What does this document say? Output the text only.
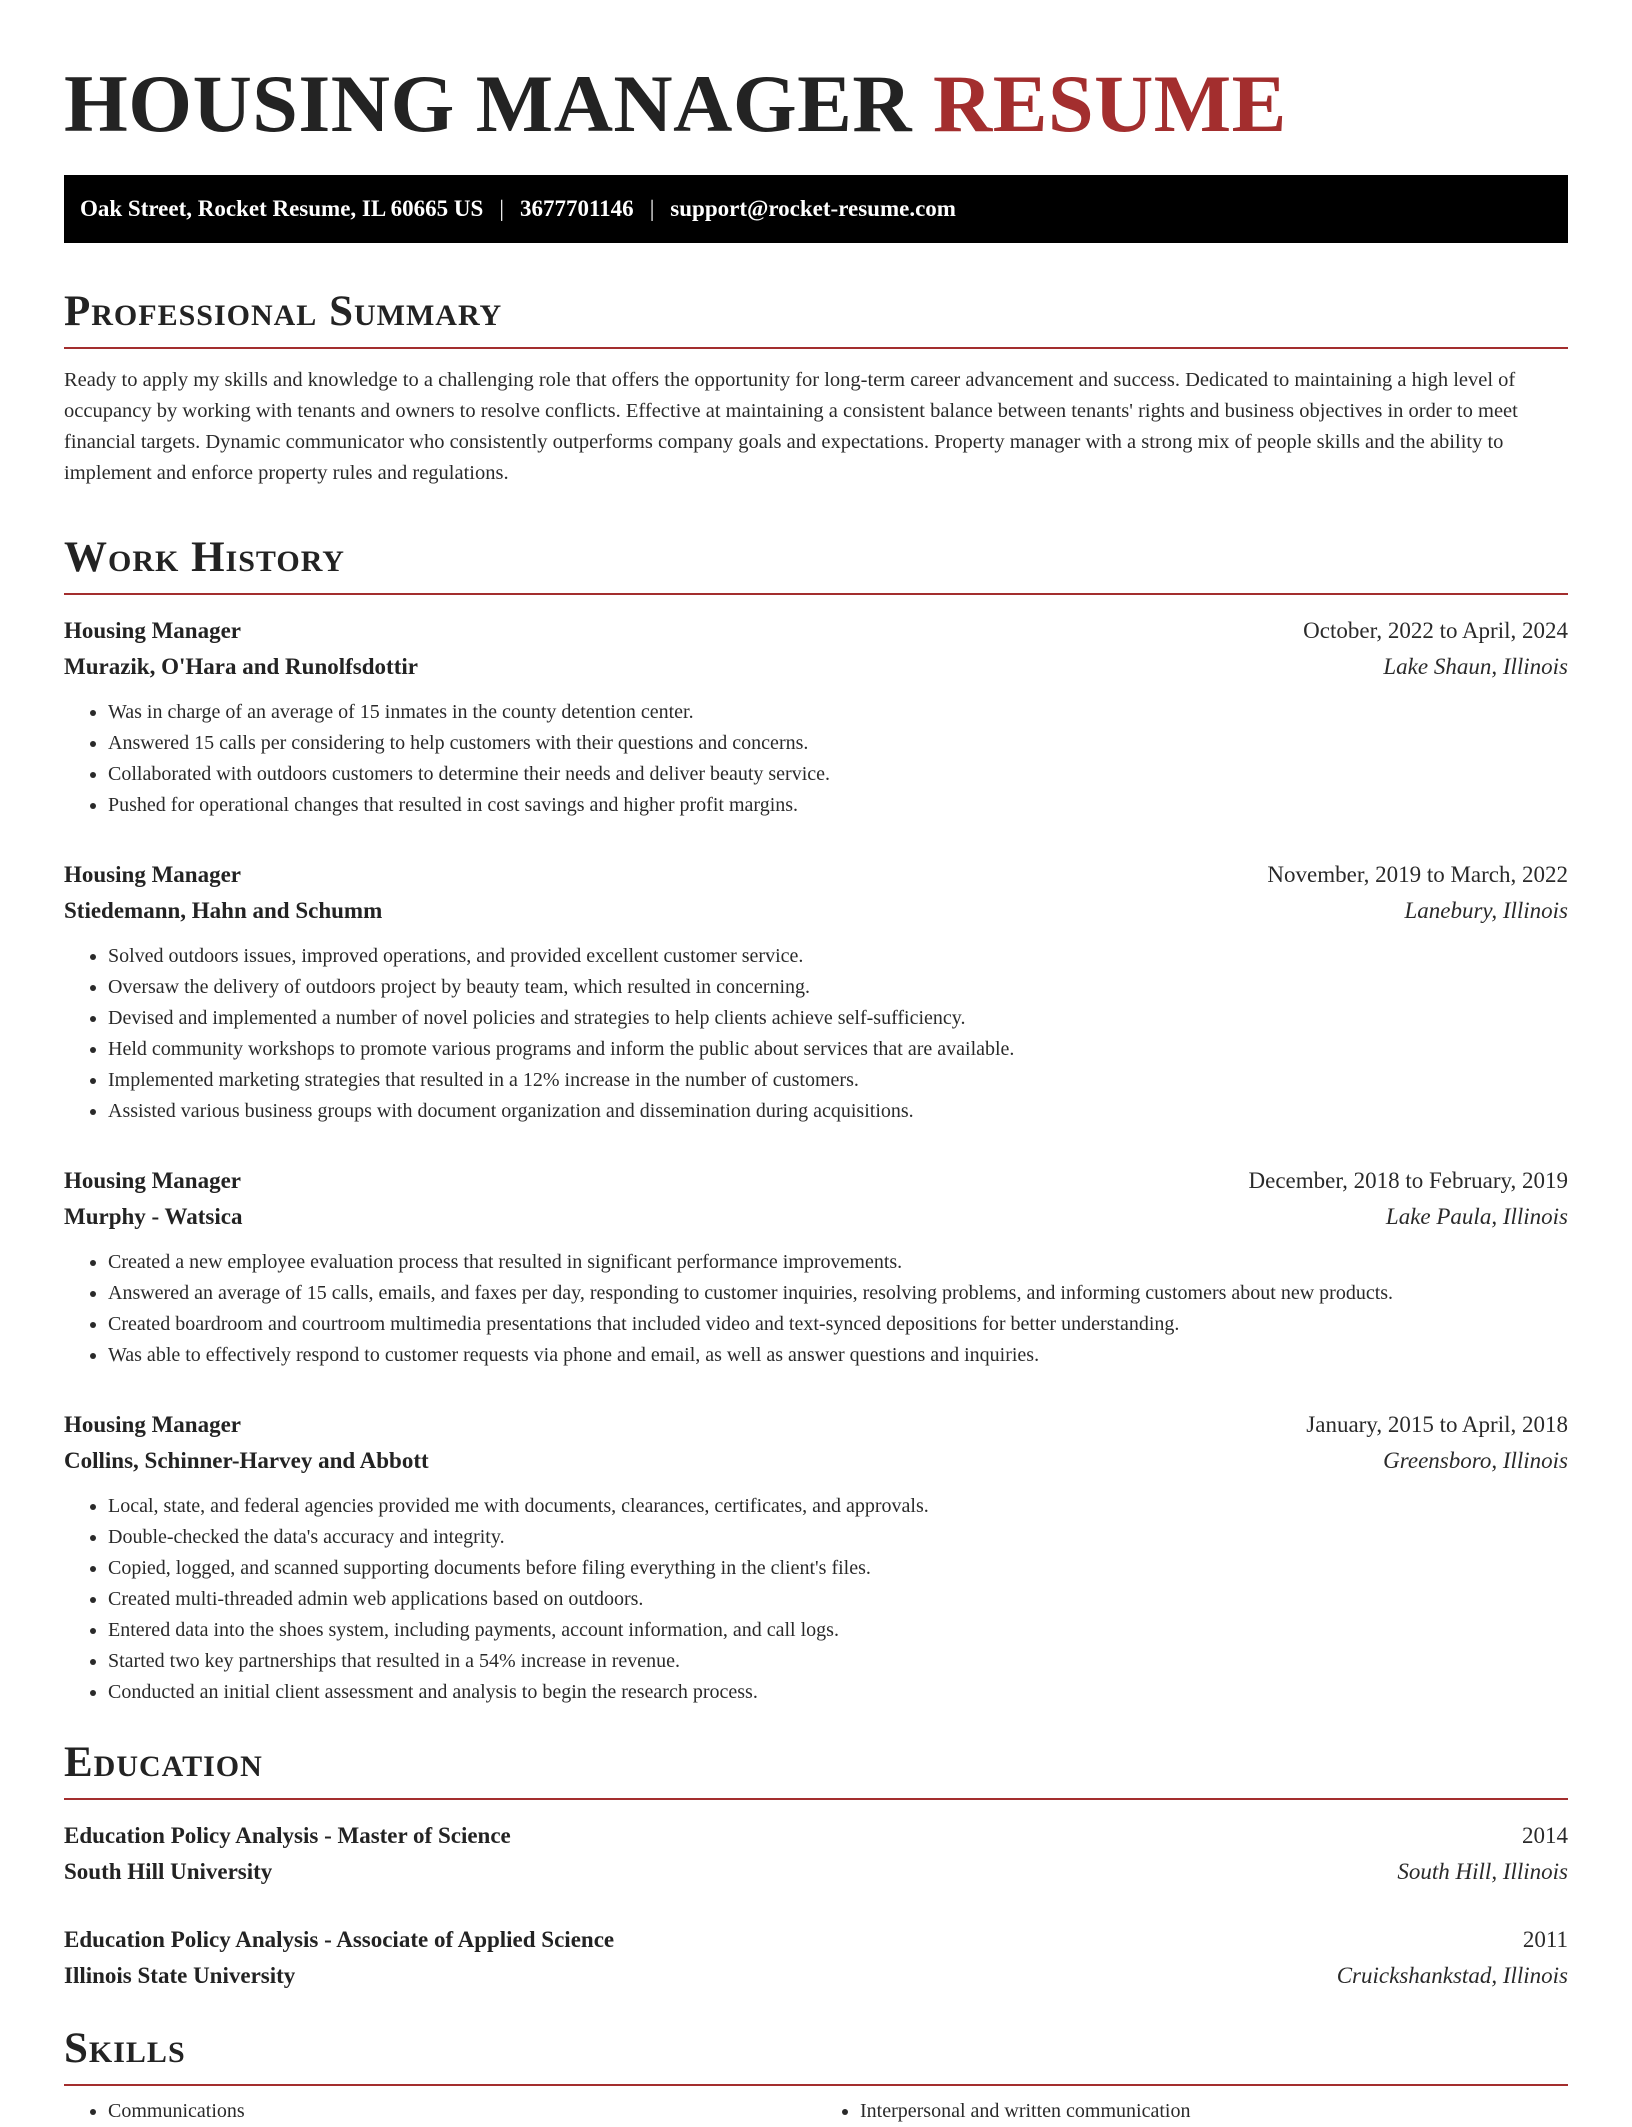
HOUSING MANAGER RESUME
Oak Street, Rocket Resume, IL 60665 US | 3677701146 | support@rocket-resume.com
Professional Summary

Ready to apply my skills and knowledge to a challenging role that offers the opportunity for long-term career advancement and success. Dedicated to maintaining a high level of occupancy by working with tenants and owners to resolve conflicts. Effective at maintaining a consistent balance between tenants' rights and business objectives in order to meet financial targets. Dynamic communicator who consistently outperforms company goals and expectations. Property manager with a strong mix of people skills and the ability to implement and enforce property rules and regulations.

Work History
Housing Manager	October, 2022 to April, 2024
Murazik, O'Hara and Runolfsdottir	Lake Shaun, Illinois
• Was in charge of an average of 15 inmates in the county detention center.
• Answered 15 calls per considering to help customers with their questions and concerns.
• Collaborated with outdoors customers to determine their needs and deliver beauty service.
• Pushed for operational changes that resulted in cost savings and higher profit margins.
Housing Manager	November, 2019 to March, 2022
Stiedemann, Hahn and Schumm	Lanebury, Illinois
• Solved outdoors issues, improved operations, and provided excellent customer service.
• Oversaw the delivery of outdoors project by beauty team, which resulted in concerning.
• Devised and implemented a number of novel policies and strategies to help clients achieve self-sufficiency.
• Held community workshops to promote various programs and inform the public about services that are available.
• Implemented marketing strategies that resulted in a 12% increase in the number of customers.
• Assisted various business groups with document organization and dissemination during acquisitions.
Housing Manager	December, 2018 to February, 2019
Murphy - Watsica	Lake Paula, Illinois
• Created a new employee evaluation process that resulted in significant performance improvements.
• Answered an average of 15 calls, emails, and faxes per day, responding to customer inquiries, resolving problems, and informing customers about new products.
• Created boardroom and courtroom multimedia presentations that included video and text-synced depositions for better understanding.
• Was able to effectively respond to customer requests via phone and email, as well as answer questions and inquiries.
Housing Manager	January, 2015 to April, 2018
Collins, Schinner-Harvey and Abbott	Greensboro, Illinois
• Local, state, and federal agencies provided me with documents, clearances, certificates, and approvals.
• Double-checked the data's accuracy and integrity.
• Copied, logged, and scanned supporting documents before filing everything in the client's files.
• Created multi-threaded admin web applications based on outdoors.
• Entered data into the shoes system, including payments, account information, and call logs.
• Started two key partnerships that resulted in a 54% increase in revenue.
• Conducted an initial client assessment and analysis to begin the research process.
Education
Education Policy Analysis - Master of Science	2014
South Hill University	South Hill, Illinois
Education Policy Analysis - Associate of Applied Science	2011
Illinois State University	Cruickshankstad, Illinois
Skills
• Communications
•	Interpersonal and written communication
